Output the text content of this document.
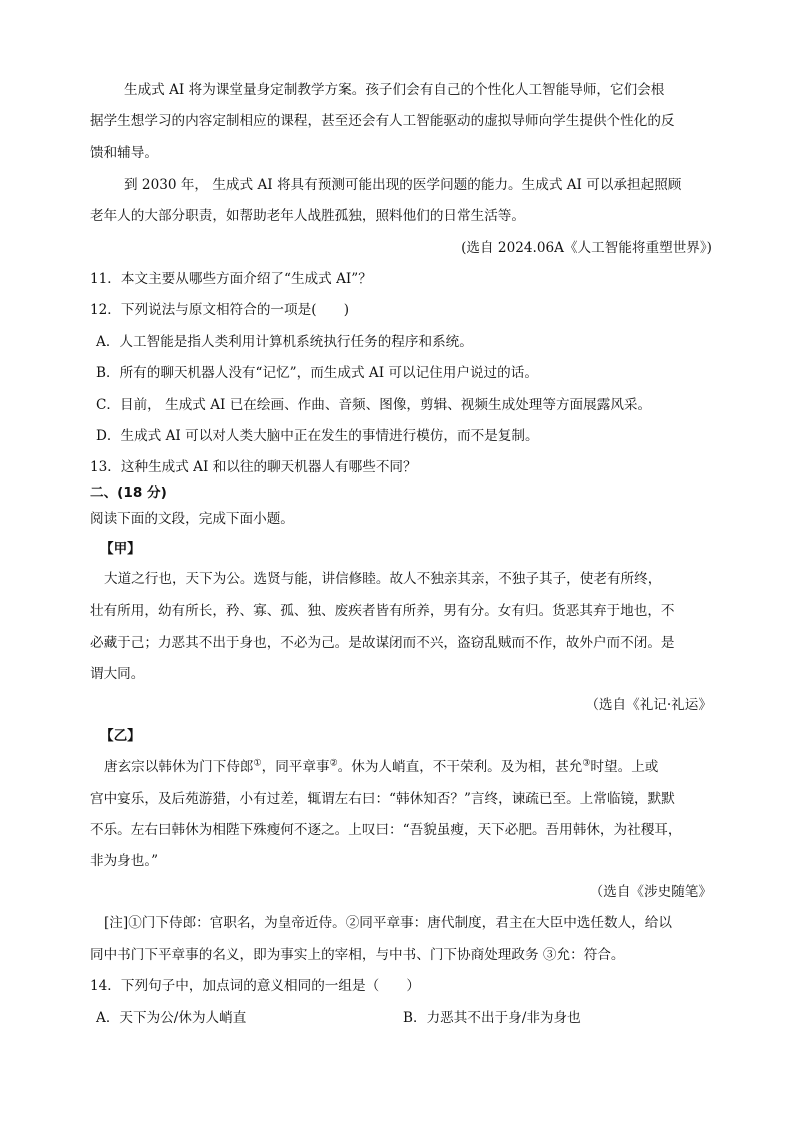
生成式 AI 将为课堂量身定制教学方案。孩子们会有自己的个性化人工智能导师，它们会根
据学生想学习的内容定制相应的课程，甚至还会有人工智能驱动的虚拟导师向学生提供个性化的反
馈和辅导。
到 2030 年， 生成式 AI 将具有预测可能出现的医学问题的能力。生成式 AI 可以承担起照顾
老年人的大部分职责，如帮助老年人战胜孤独，照料他们的日常生活等。
(选自 2024.06A《人工智能将重塑世界》)
11．本文主要从哪些方面介绍了“生成式 AI”？
12．下列说法与原文相符合的一项是(　　)
A．人工智能是指人类利用计算机系统执行任务的程序和系统。
B．所有的聊天机器人没有“记忆”，而生成式 AI 可以记住用户说过的话。
C．目前， 生成式 AI 已在绘画、作曲、音频、图像，剪辑、视频生成处理等方面展露风采。
D．生成式 AI 可以对人类大脑中正在发生的事情进行模仿，而不是复制。
13．这种生成式 AI 和以往的聊天机器人有哪些不同？
二、(18 分)
阅读下面的文段，完成下面小题。
【甲】
大道之行也，天下为公。选贤与能，讲信修睦。故人不独亲其亲，不独子其子，使老有所终，
壮有所用，幼有所长，矜、寡、孤、独、废疾者皆有所养，男有分。女有归。货恶其弃于地也，不
必藏于己；力恶其不出于身也，不必为己。是故谋闭而不兴，盗窃乱贼而不作，故外户而不闭。是
谓大同。
（选自《礼记·礼运》
【乙】
唐玄宗以韩休为门下侍郎①，同平章事②。休为人峭直，不干荣利。及为相，甚允③时望。上或
宫中宴乐，及后苑游猎，小有过差，辄谓左右曰：“韩休知否？”言终，谏疏已至。上常临镜，默默
不乐。左右曰韩休为相陛下殊瘦何不逐之。上叹曰：“吾貌虽瘦，天下必肥。吾用韩休，为社稷耳，
非为身也。”
（选自《涉史随笔》
[注]①门下侍郎：官职名，为皇帝近侍。②同平章事：唐代制度，君主在大臣中选任数人，给以
同中书门下平章事的名义，即为事实上的宰相，与中书、门下协商处理政务 ③允：符合。
14．下列句子中，加点词的意义相同的一组是（　　）
A．天下为公/休为人峭直	B．力恶其不出于身/非为身也
